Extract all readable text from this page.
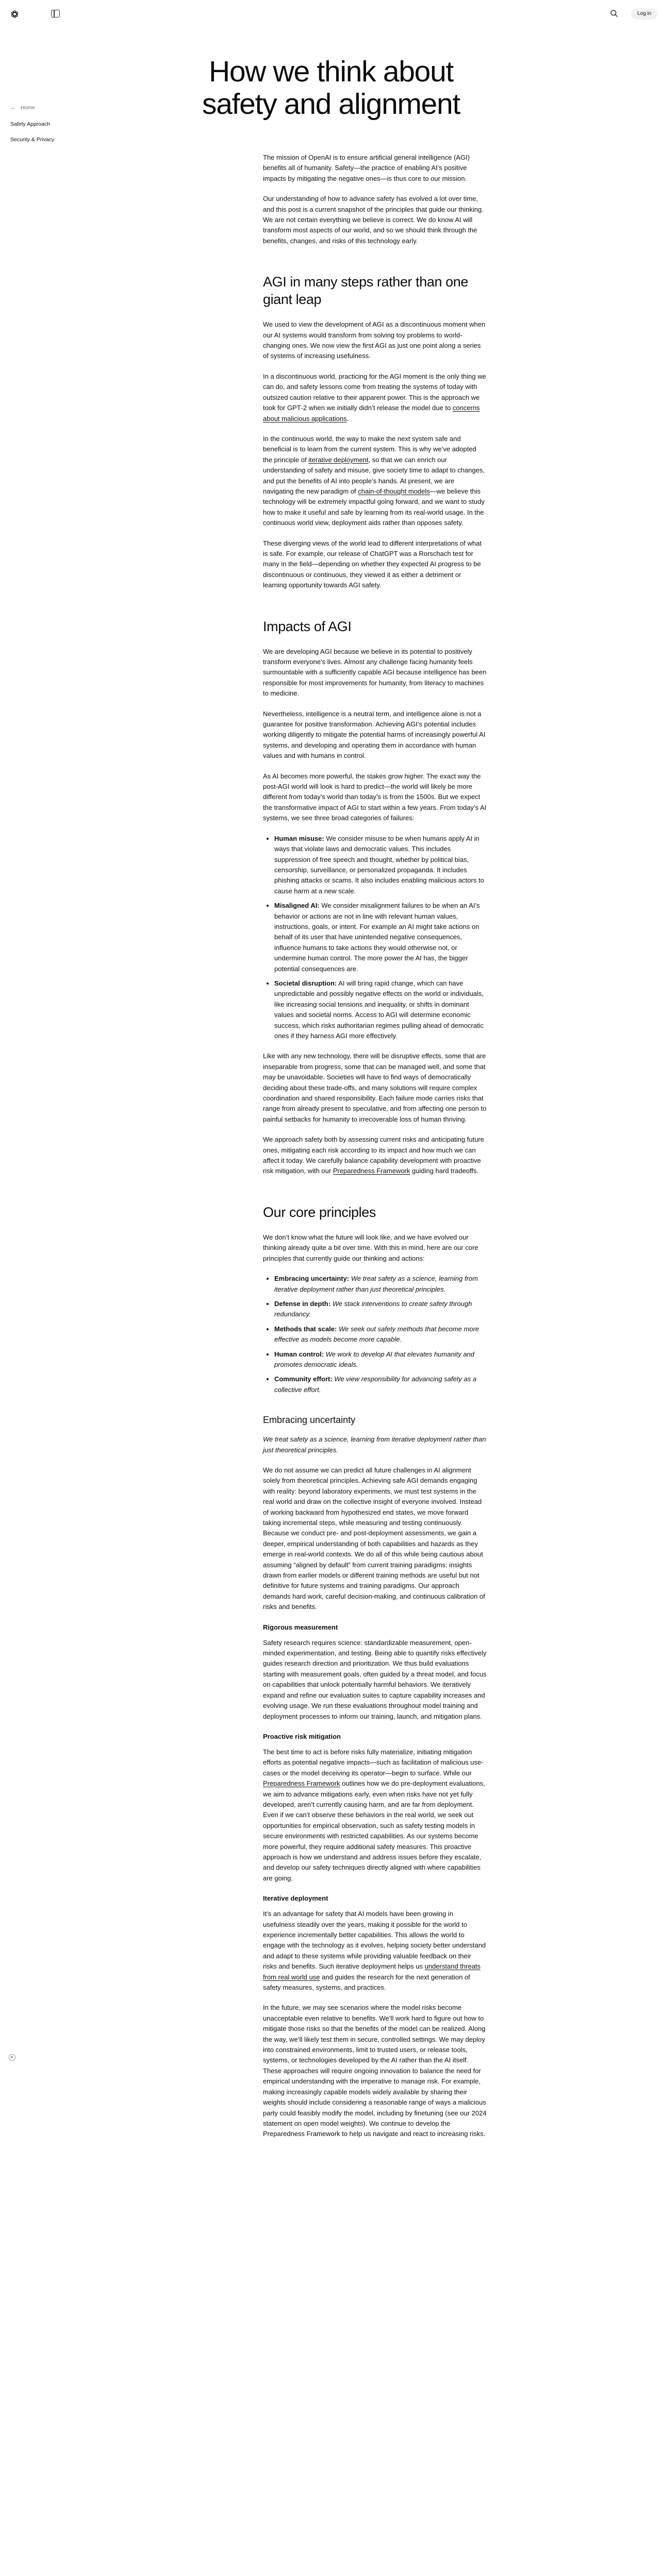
Log in
← Home
Safety Approach
Security & Privacy
How we think about safety and alignment

The mission of OpenAI is to ensure artificial general intelligence (AGI) benefits all of humanity. Safety—the practice of enabling AI’s positive impacts by mitigating the negative ones—is thus core to our mission.

Our understanding of how to advance safety has evolved a lot over time, and this post is a current snapshot of the principles that guide our thinking. We are not certain everything we believe is correct. We do know AI will transform most aspects of our world, and so we should think through the benefits, changes, and risks of this technology early.

AGI in many steps rather than one giant leap

We used to view the development of AGI as a discontinuous moment when our AI systems would transform from solving toy problems to world-changing ones. We now view the first AGI as just one point along a series of systems of increasing usefulness.

In a discontinuous world, practicing for the AGI moment is the only thing we can do, and safety lessons come from treating the systems of today with outsized caution relative to their apparent power. This is the approach we took for GPT‑2 when we initially didn’t release the model due to concerns about malicious applications.

In the continuous world, the way to make the next system safe and beneficial is to learn from the current system. This is why we’ve adopted the principle of iterative deployment, so that we can enrich our understanding of safety and misuse, give society time to adapt to changes, and put the benefits of AI into people’s hands. At present, we are navigating the new paradigm of chain-of-thought models—we believe this technology will be extremely impactful going forward, and we want to study how to make it useful and safe by learning from its real-world usage. In the continuous world view, deployment aids rather than opposes safety.

These diverging views of the world lead to different interpretations of what is safe. For example, our release of ChatGPT was a Rorschach test for many in the field—depending on whether they expected AI progress to be discontinuous or continuous, they viewed it as either a detriment or learning opportunity towards AGI safety.

Impacts of AGI

We are developing AGI because we believe in its potential to positively transform everyone’s lives. Almost any challenge facing humanity feels surmountable with a sufficiently capable AGI because intelligence has been responsible for most improvements for humanity, from literacy to machines to medicine.

Nevertheless, intelligence is a neutral term, and intelligence alone is not a guarantee for positive transformation. Achieving AGI’s potential includes working diligently to mitigate the potential harms of increasingly powerful AI systems, and developing and operating them in accordance with human values and with humans in control.

As AI becomes more powerful, the stakes grow higher. The exact way the post-AGI world will look is hard to predict—the world will likely be more different from today’s world than today’s is from the 1500s. But we expect the transformative impact of AGI to start within a few years. From today’s AI systems, we see three broad categories of failures:

• Human misuse: We consider misuse to be when humans apply AI in ways that violate laws and democratic values. This includes suppression of free speech and thought, whether by political bias, censorship, surveillance, or personalized propaganda. It includes phishing attacks or scams. It also includes enabling malicious actors to cause harm at a new scale.
• Misaligned AI: We consider misalignment failures to be when an AI’s behavior or actions are not in line with relevant human values, instructions, goals, or intent. For example an AI might take actions on behalf of its user that have unintended negative consequences, influence humans to take actions they would otherwise not, or undermine human control. The more power the AI has, the bigger potential consequences are.
• Societal disruption: AI will bring rapid change, which can have unpredictable and possibly negative effects on the world or individuals, like increasing social tensions and inequality, or shifts in dominant values and societal norms. Access to AGI will determine economic success, which risks authoritarian regimes pulling ahead of democratic ones if they harness AGI more effectively.

Like with any new technology, there will be disruptive effects, some that are inseparable from progress, some that can be managed well, and some that may be unavoidable. Societies will have to find ways of democratically deciding about these trade-offs, and many solutions will require complex coordination and shared responsibility. Each failure mode carries risks that range from already present to speculative, and from affecting one person to painful setbacks for humanity to irrecoverable loss of human thriving.

We approach safety both by assessing current risks and anticipating future ones, mitigating each risk according to its impact and how much we can affect it today. We carefully balance capability development with proactive risk mitigation, with our Preparedness Framework guiding hard tradeoffs.

Our core principles

We don’t know what the future will look like, and we have evolved our thinking already quite a bit over time. With this in mind, here are our core principles that currently guide our thinking and actions:

• Embracing uncertainty: We treat safety as a science, learning from iterative deployment rather than just theoretical principles.
• Defense in depth: We stack interventions to create safety through redundancy.
• Methods that scale: We seek out safety methods that become more effective as models become more capable.
• Human control: We work to develop AI that elevates humanity and promotes democratic ideals.
• Community effort: We view responsibility for advancing safety as a collective effort.
Embracing uncertainty

We treat safety as a science, learning from iterative deployment rather than just theoretical principles.

We do not assume we can predict all future challenges in AI alignment solely from theoretical principles. Achieving safe AGI demands engaging with reality: beyond laboratory experiments, we must test systems in the real world and draw on the collective insight of everyone involved. Instead of working backward from hypothesized end states, we move forward taking incremental steps, while measuring and testing continuously. Because we conduct pre- and post-deployment assessments, we gain a deeper, empirical understanding of both capabilities and hazards as they emerge in real-world contexts. We do all of this while being cautious about assuming “aligned by default” from current training paradigms: insights drawn from earlier models or different training methods are useful but not definitive for future systems and training paradigms. Our approach demands hard work, careful decision-making, and continuous calibration of risks and benefits.

Rigorous measurement

Safety research requires science: standardizable measurement, open-minded experimentation, and testing. Being able to quantify risks effectively guides research direction and prioritization. We thus build evaluations starting with measurement goals, often guided by a threat model, and focus on capabilities that unlock potentially harmful behaviors. We iteratively expand and refine our evaluation suites to capture capability increases and evolving usage. We run these evaluations throughout model training and deployment processes to inform our training, launch, and mitigation plans.

Proactive risk mitigation

The best time to act is before risks fully materialize, initiating mitigation efforts as potential negative impacts—such as facilitation of malicious use-cases or the model deceiving its operator—begin to surface. While our Preparedness Framework outlines how we do pre-deployment evaluations, we aim to advance mitigations early, even when risks have not yet fully developed, aren’t currently causing harm, and are far from deployment. Even if we can’t observe these behaviors in the real world, we seek out opportunities for empirical observation, such as safety testing models in secure environments with restricted capabilities. As our systems become more powerful, they require additional safety measures. This proactive approach is how we understand and address issues before they escalate, and develop our safety techniques directly aligned with where capabilities are going.

Iterative deployment

It’s an advantage for safety that AI models have been growing in usefulness steadily over the years, making it possible for the world to experience incrementally better capabilities. This allows the world to engage with the technology as it evolves, helping society better understand and adapt to these systems while providing valuable feedback on their risks and benefits. Such iterative deployment helps us understand threats from real world use and guides the research for the next generation of safety measures, systems, and practices.

In the future, we may see scenarios where the model risks become unacceptable even relative to benefits. We’ll work hard to figure out how to mitigate those risks so that the benefits of the model can be realized. Along the way, we’ll likely test them in secure, controlled settings. We may deploy into constrained environments, limit to trusted users, or release tools, systems, or technologies developed by the AI rather than the AI itself. These approaches will require ongoing innovation to balance the need for empirical understanding with the imperative to manage risk. For example, making increasingly capable models widely available by sharing their weights should include considering a reasonable range of ways a malicious party could feasibly modify the model, including by finetuning (see our 2024 statement on open model weights). We continue to develop the Preparedness Framework to help us navigate and react to increasing risks.
